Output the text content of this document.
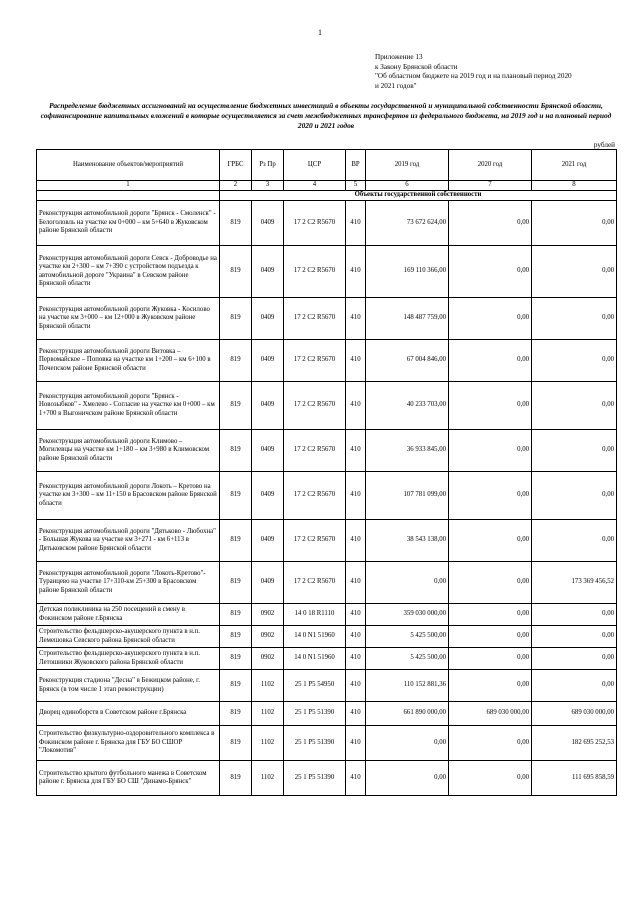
1
Приложение 13
к Закону Брянской области
"Об областном бюджете на 2019 год и на плановый период 2020
и 2021 годов"
Распределение бюджетных ассигнований на осуществление бюджетных инвестиций в объекты государственной и муниципальной собственности Брянской области, софинансирование капитальных вложений в которые осуществляется за счет межбюджетных трансфертов из федерального бюджета, на 2019 год и на плановый период 2020 и 2021 годов
рублей
Наименование объектов/мероприятий	ГРБС	Рз Пр	ЦСР	ВР	2019 год	2020 год	2021 год
1	2	3	4	5	6	7	8
	Объекты государственной собственности						
Реконструкция автомобильной дороги "Брянск - Смоленск" - Белоголовль на участке км 0+000 – км 5+640 в Жуковском районе Брянской области	819	0409	17 2 С2 R5670	410	73 672 624,00	0,00	0,00
Реконструкция автомобильной дороги Севск - Доброводье на участке км 2+300 – км 7+390 с устройством подъезда к автомобильной дороге "Украина" в Севском районе Брянской области	819	0409	17 2 С2 R5670	410	169 110 366,00	0,00	0,00
Реконструкция автомобильной дороги Жуковка - Косилово на участке км 3+000 – км 12+000 в Жуковском районе Брянской области	819	0409	17 2 С2 R5670	410	148 487 759,00	0,00	0,00
Реконструкция автомобильной дороги Витовка – Первомайское – Поповка на участке км 1+200 – км 6+100 в Почепском районе Брянской области	819	0409	17 2 С2 R5670	410	67 004 846,00	0,00	0,00
Реконструкция автомобильной дороги "Брянск - Новозыбков" - Хмелево - Согласие на участке км 0+000 – км 1+700 в Выгоничском районе Брянской области	819	0409	17 2 С2 R5670	410	40 233 703,00	0,00	0,00
Реконструкция автомобильной дороги Климово – Могилевцы на участке км 1+180 – км 3+980 в Климовском районе Брянской области	819	0409	17 2 С2 R5670	410	36 933 845,00	0,00	0,00
Реконструкция автомобильной дороги Локоть – Кретово на участке км 3+300 – км 11+150 в Брасовском районе Брянской области	819	0409	17 2 С2 R5670	410	107 781 099,00	0,00	0,00
Реконструкция автомобильной дороги "Дятьково - Любохна" - Большая Жукова на участке км 3+271 - км 6+113 в Дятьковском районе Брянской области	819	0409	17 2 С2 R5670	410	38 543 138,00	0,00	0,00
Реконструкция автомобильной дороги "Локоть-Кретово"-Туранцево на участке 17+310-км 25+300 в Брасовском районе Брянской области	819	0409	17 2 С2 R5670	410	0,00	0,00	173 369 456,52
Детская поликлиника на 250 посещений в смену в Фокинском районе г.Брянска	819	0902	14 0 18 R1110	410	359 030 000,00	0,00	0,00
Строительство фельдшерско-акушерского пункта в н.п. Лемешовка Севского района Брянской области	819	0902	14 0 N1 51960	410	5 425 500,00	0,00	0,00
Строительство фельдшерско-акушерского пункта в н.п. Летошники Жуковского района Брянской области	819	0902	14 0 N1 51960	410	5 425 500,00	0,00	0,00
Реконструкция стадиона "Десна" в Бежицком районе, г. Брянск (в том числе 1 этап реконструкции)	819	1102	25 1 P5 54950	410	110 152 881,36	0,00	0,00
Дворец единоборств в Советском районе г.Брянска	819	1102	25 1 P5 51390	410	661 890 000,00	689 030 000,00	689 030 000,00
Строительство физкультурно-оздоровительного комплекса в Фокинском районе г. Брянска для ГБУ БО СШОР "Локомотив"	819	1102	25 1 P5 51390	410	0,00	0,00	182 695 252,53
Строительство крытого футбольного манежа в Советском районе г. Брянска для ГБУ БО СШ "Динамо-Брянск"	819	1102	25 1 P5 51390	410	0,00	0,00	111 695 858,59
